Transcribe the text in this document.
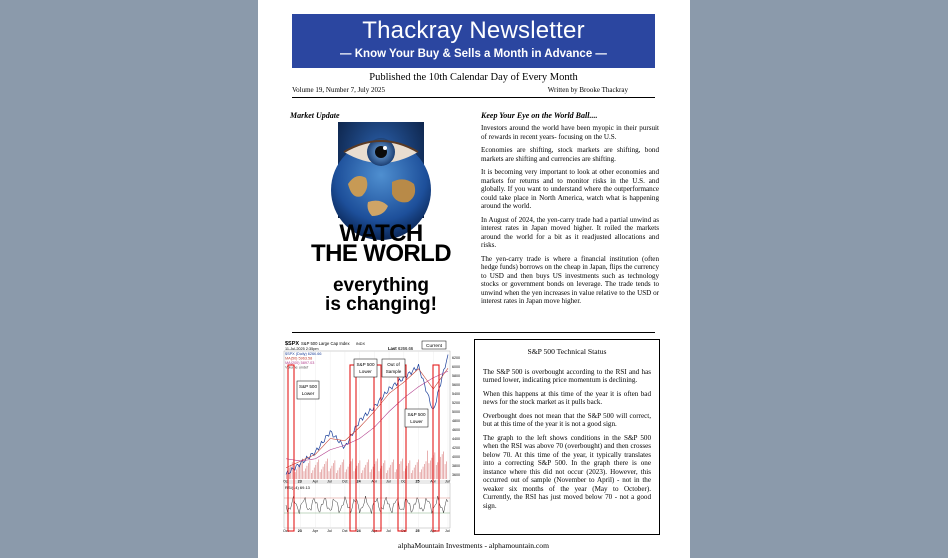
Thackray Newsletter
— Know Your Buy & Sells a Month in Advance —
Published the 10th Calendar Day of Every Month
Volume 19, Number 7, July 2025	Written by Brooke Thackray
Market Update
WATCH
THE WORLD
everything
is changing!
Keep Your Eye on the World Ball....

Investors around the world have been myopic in their pursuit of rewards in recent years- focusing on the U.S.

Economies are shifting, stock markets are shifting, bond markets are shifting and currencies are shifting.

It is becoming very important to look at other economies and markets for returns and to monitor risks in the U.S. and globally. If you want to understand where the outperformance could take place in North America, watch what is happening around the world.

In August of 2024, the yen-carry trade had a partial unwind as interest rates in Japan moved higher. It roiled the markets around the world for a bit as it readjusted allocations and risks.

The yen-carry trade is where a financial institution (often hedge funds) borrows on the cheap in Japan, flips the currency to USD and then buys US investments such as technology stocks or government bonds on leverage. The trade tends to unwind when the yen increases in value relative to the USD or interest rates in Japan move higher.

$SPX S&P 500 Large Cap Index INDX
11-Jul-2025 2:35pm	Last 6266.66
$SPX (Daily) 6266.66
MA(50) 5963.58
MA(200) 5897.03
Volume undef
6200
6000
5800
5600
5400
5200
5000
4800
4600
4400
4200
4000
3800
3600
Oct
Oct
23
23
Apr
Apr
Jul
Jul
Oct
Oct
24
24
Apr
Apr
Jul
Jul
Oct
Oct
25
25
Apr
Apr
Jul
Jul
RSI(14) 69.13
S&P 500
Lower
S&P 500
Lower
Out of
Sample
S&P 500
Lower
Current
S&P 500 Technical Status

The S&P 500 is overbought according to the RSI and has turned lower, indicating price momentum is declining.

When this happens at this time of the year it is often bad news for the stock market as it pulls back.

Overbought does not mean that the S&P 500 will correct, but at this time of the year it is not a good sign.

The graph to the left shows conditions in the S&P 500 when the RSI was above 70 (overbought) and then crosses below 70. At this time of the year, it typically translates into a correcting S&P 500. In the graph there is one instance where this did not occur (2023). However, this occurred out of sample (November to April) - not in the weaker six months of the year (May to October). Currently, the RSI has just moved below 70 - not a good sign.

alphaMountain Investments - alphamountain.com
